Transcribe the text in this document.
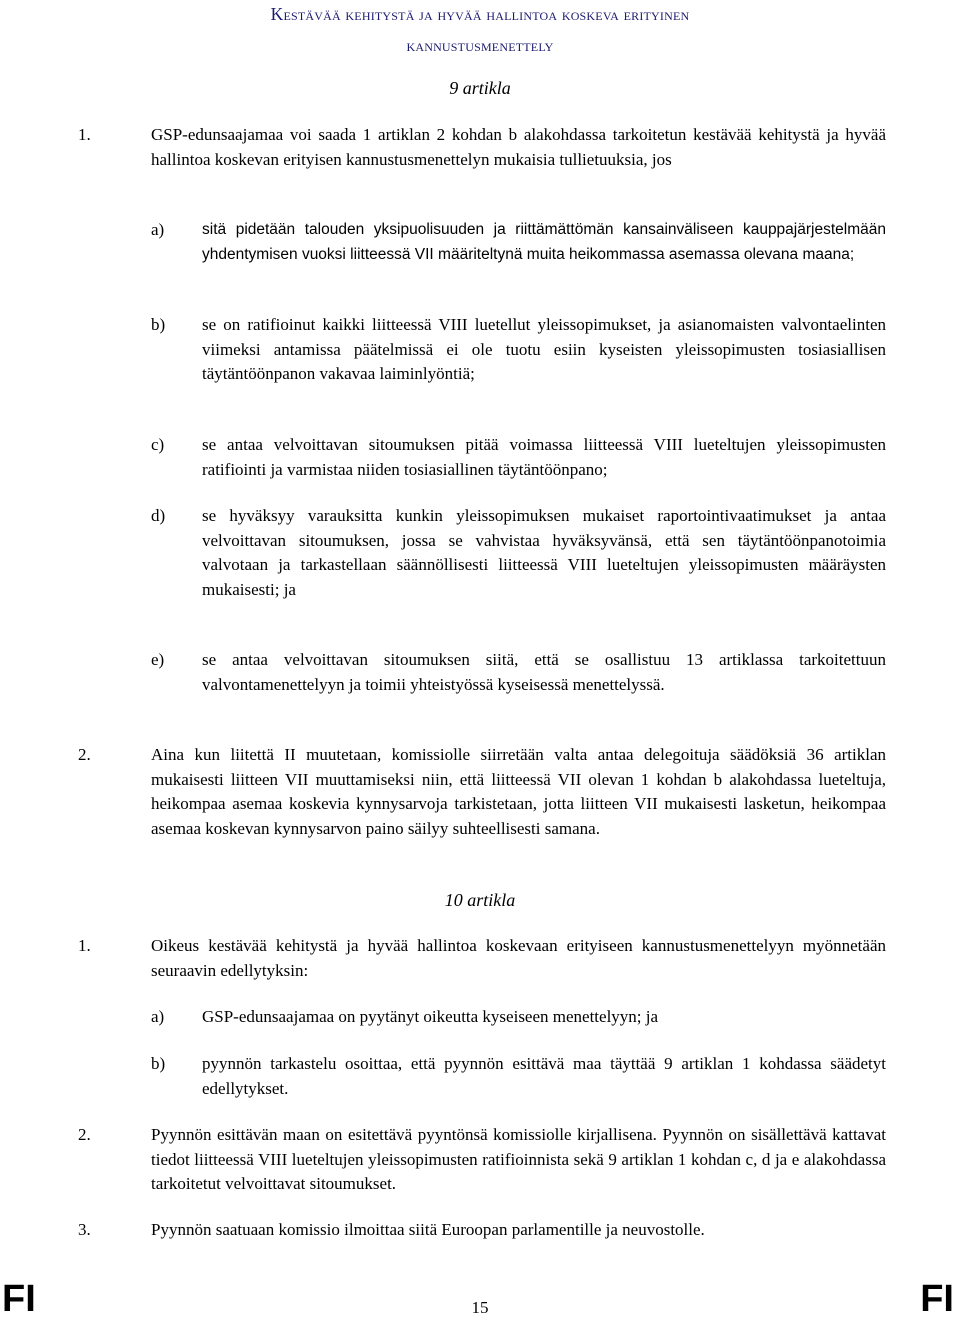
Kestävää kehitystä ja hyvää hallintoa koskeva erityinen
kannustusmenettely
9 artikla
1.	GSP-edunsaajamaa voi saada 1 artiklan 2 kohdan b alakohdassa tarkoitetun kestävää kehitystä ja hyvää hallintoa koskevan erityisen kannustusmenettelyn mukaisia tullietuuksia, jos
a) sitä pidetään talouden yksipuolisuuden ja riittämättömän kansainväliseen kauppajärjestelmään yhdentymisen vuoksi liitteessä VII määriteltynä muita heikommassa asemassa olevana maana;
b) se on ratifioinut kaikki liitteessä VIII luetellut yleissopimukset, ja asianomaisten valvontaelinten viimeksi antamissa päätelmissä ei ole tuotu esiin kyseisten yleissopimusten tosiasiallisen täytäntöönpanon vakavaa laiminlyöntiä;
c) se antaa velvoittavan sitoumuksen pitää voimassa liitteessä VIII lueteltujen yleissopimusten ratifiointi ja varmistaa niiden tosiasiallinen täytäntöönpano;
d) se hyväksyy varauksitta kunkin yleissopimuksen mukaiset raportointivaatimukset ja antaa velvoittavan sitoumuksen, jossa se vahvistaa hyväksyvänsä, että sen täytäntöönpanotoimia valvotaan ja tarkastellaan säännöllisesti liitteessä VIII lueteltujen yleissopimusten määräysten mukaisesti; ja
e) se antaa velvoittavan sitoumuksen siitä, että se osallistuu 13 artiklassa tarkoitettuun valvontamenettelyyn ja toimii yhteistyössä kyseisessä menettelyssä.
2.	Aina kun liitettä II muutetaan, komissiolle siirretään valta antaa delegoituja säädöksiä 36 artiklan mukaisesti liitteen VII muuttamiseksi niin, että liitteessä VII olevan 1 kohdan b alakohdassa lueteltuja, heikompaa asemaa koskevia kynnysarvoja tarkistetaan, jotta liitteen VII mukaisesti lasketun, heikompaa asemaa koskevan kynnysarvon paino säilyy suhteellisesti samana.
10 artikla
1.	Oikeus kestävää kehitystä ja hyvää hallintoa koskevaan erityiseen kannustusmenettelyyn myönnetään seuraavin edellytyksin:
a) GSP-edunsaajamaa on pyytänyt oikeutta kyseiseen menettelyyn; ja
b) pyynnön tarkastelu osoittaa, että pyynnön esittävä maa täyttää 9 artiklan 1 kohdassa säädetyt edellytykset.
2.	Pyynnön esittävän maan on esitettävä pyyntönsä komissiolle kirjallisena. Pyynnön on sisällettävä kattavat tiedot liitteessä VIII lueteltujen yleissopimusten ratifioinnista sekä 9 artiklan 1 kohdan c, d ja e alakohdassa tarkoitetut velvoittavat sitoumukset.
3.	Pyynnön saatuaan komissio ilmoittaa siitä Euroopan parlamentille ja neuvostolle.
FI	15	FI
